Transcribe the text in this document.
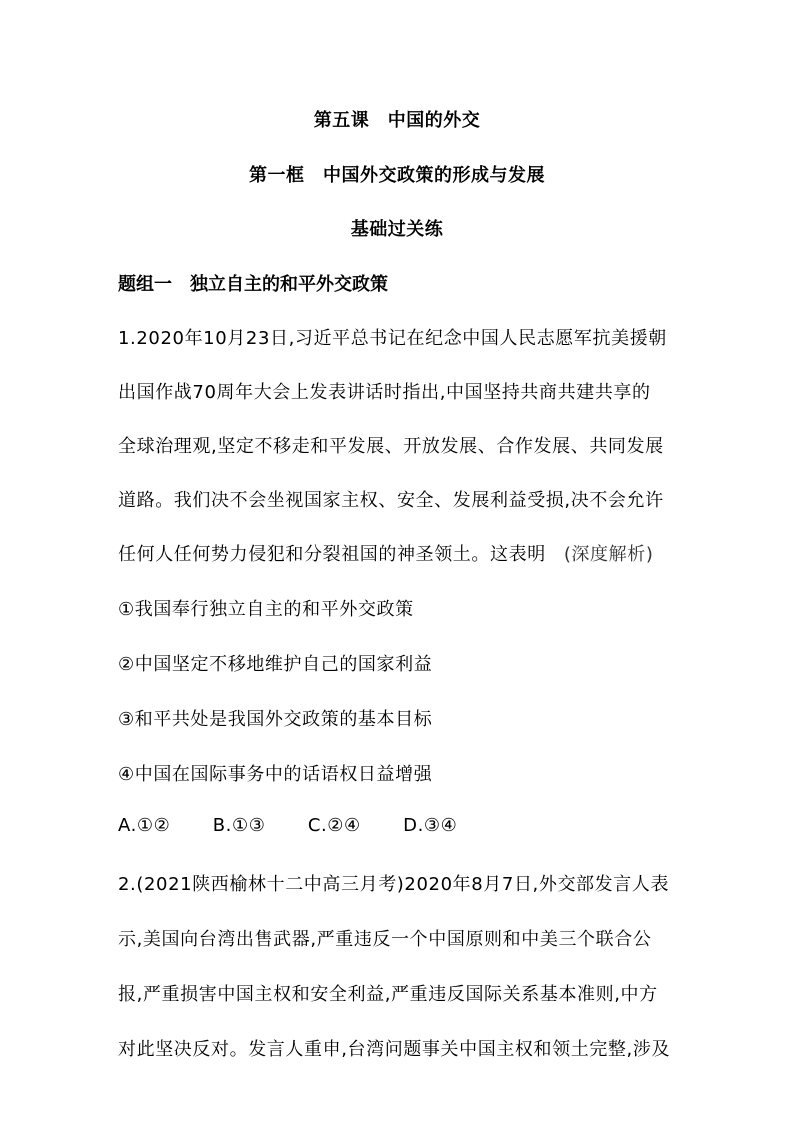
第五课　中国的外交
第一框　中国外交政策的形成与发展
基础过关练
题组一　独立自主的和平外交政策
1.2020年10月23日,习近平总书记在纪念中国人民志愿军抗美援朝
出国作战70周年大会上发表讲话时指出,中国坚持共商共建共享的
全球治理观,坚定不移走和平发展、开放发展、合作发展、共同发展
道路。我们决不会坐视国家主权、安全、发展利益受损,决不会允许
任何人任何势力侵犯和分裂祖国的神圣领土。这表明 (深度解析)
①我国奉行独立自主的和平外交政策
②中国坚定不移地维护自己的国家利益
③和平共处是我国外交政策的基本目标
④中国在国际事务中的话语权日益增强
A.①② B.①③ C.②④ D.③④
2.(2021陕西榆林十二中高三月考)2020年8月7日,外交部发言人表
示,美国向台湾出售武器,严重违反一个中国原则和中美三个联合公
报,严重损害中国主权和安全利益,严重违反国际关系基本准则,中方
对此坚决反对。发言人重申,台湾问题事关中国主权和领土完整,涉及
